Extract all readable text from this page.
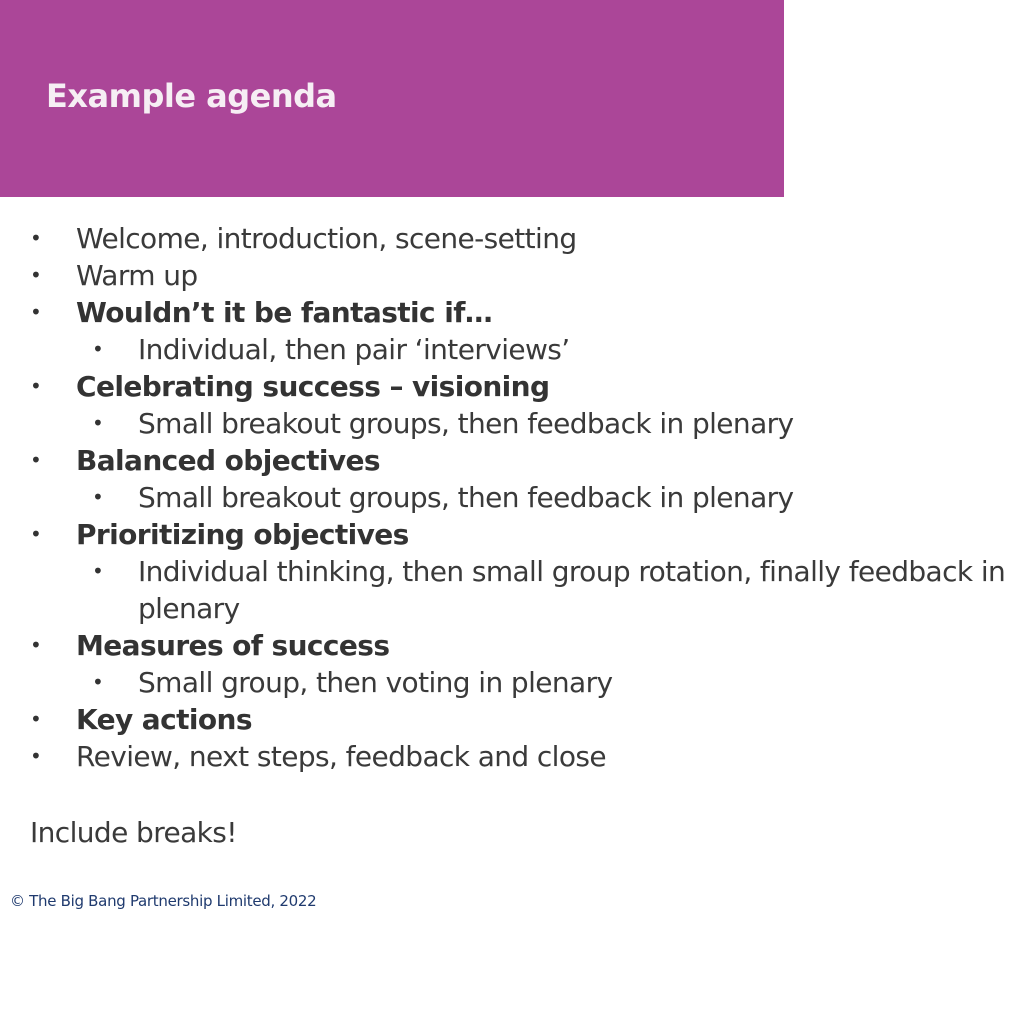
Example agenda
• Welcome, introduction, scene-setting
• Warm up
• Wouldn’t it be fantastic if…
• Individual, then pair ‘interviews’
• Celebrating success – visioning
• Small breakout groups, then feedback in plenary
• Balanced objectives
• Small breakout groups, then feedback in plenary
• Prioritizing objectives
• Individual thinking, then small group rotation, finally feedback in plenary
• Measures of success
• Small group, then voting in plenary
• Key actions
• Review, next steps, feedback and close

Include breaks!

© The Big Bang Partnership Limited, 2022
